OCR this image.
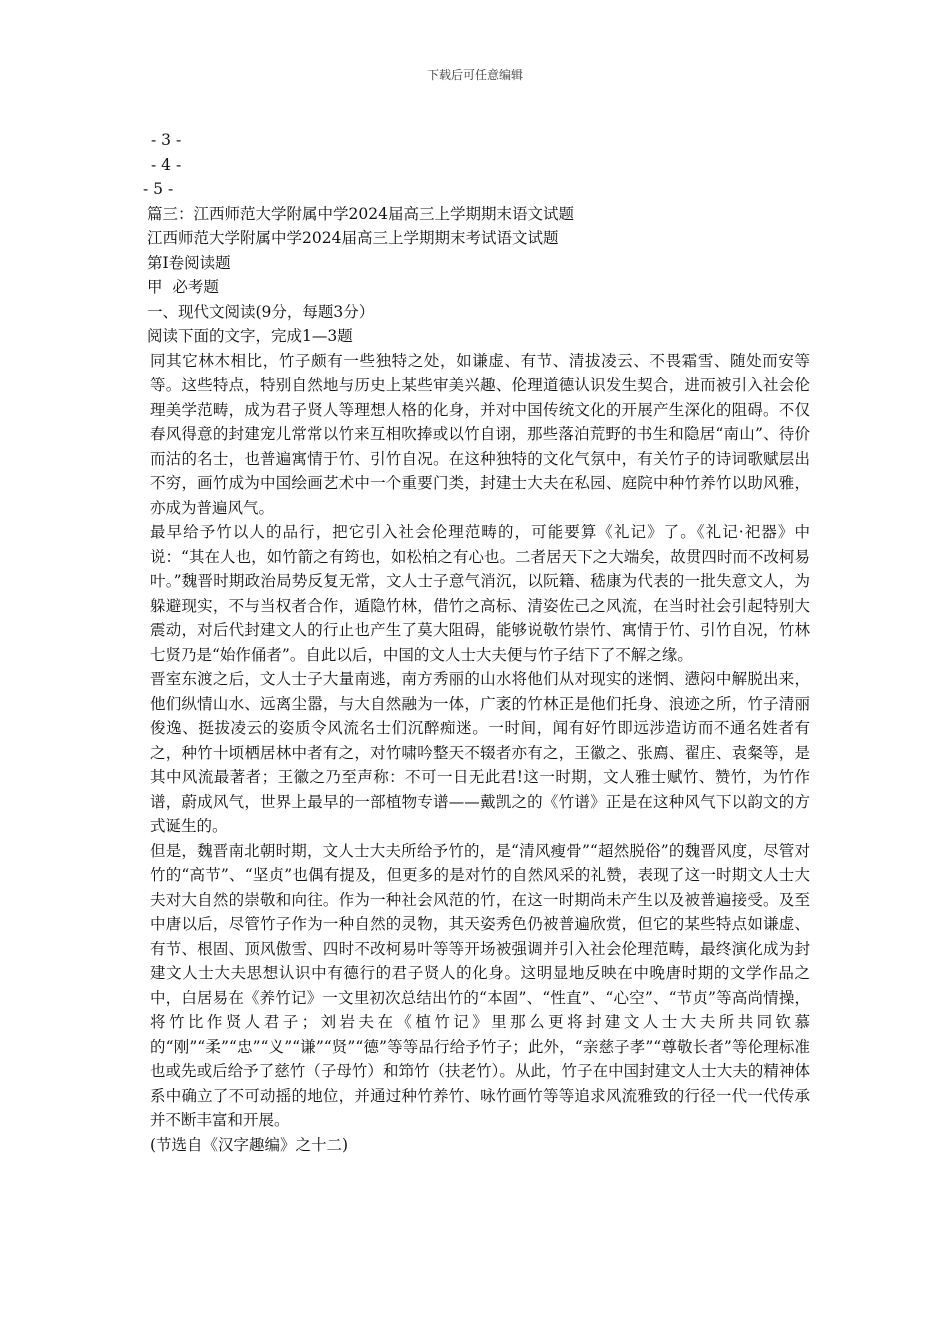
下载后可任意编辑
- 3 -
- 4 -
- 5 -
篇三：江西师范大学附属中学2024届高三上学期期末语文试题
江西师范大学附属中学2024届高三上学期期末考试语文试题
第Ⅰ卷阅读题
甲  必考题
一、现代文阅读(9分，每题3分）
阅读下面的文字，完成1—3题

同其它林木相比，竹子颇有一些独特之处，如谦虚、有节、清拔凌云、不畏霜雪、随处而安等等。这些特点，特别自然地与历史上某些审美兴趣、伦理道德认识发生契合，进而被引入社会伦理美学范畴，成为君子贤人等理想人格的化身，并对中国传统文化的开展产生深化的阻碍。不仅春风得意的封建宠儿常常以竹来互相吹捧或以竹自诩，那些落泊荒野的书生和隐居“南山”、待价而沽的名士，也普遍寓情于竹、引竹自况。在这种独特的文化气氛中，有关竹子的诗词歌赋层出不穷，画竹成为中国绘画艺术中一个重要门类，封建士大夫在私园、庭院中种竹养竹以助风雅，亦成为普遍风气。

最早给予竹以人的品行，把它引入社会伦理范畴的，可能要算《礼记》了。《礼记·祀器》中说：“其在人也，如竹箭之有筠也，如松柏之有心也。二者居天下之大端矣，故贯四时而不改柯易叶。”魏晋时期政治局势反复无常，文人士子意气消沉，以阮籍、嵇康为代表的一批失意文人，为躲避现实，不与当权者合作，遁隐竹林，借竹之高标、清姿佐己之风流，在当时社会引起特别大震动，对后代封建文人的行止也产生了莫大阻碍，能够说敬竹崇竹、寓情于竹、引竹自况，竹林七贤乃是“始作俑者”。自此以后，中国的文人士大夫便与竹子结下了不解之缘。

晋室东渡之后，文人士子大量南逃，南方秀丽的山水将他们从对现实的迷惘、懑闷中解脱出来，他们纵情山水、远离尘嚣，与大自然融为一体，广袤的竹林正是他们托身、浪迹之所，竹子清丽俊逸、挺拔凌云的姿质令风流名士们沉醉痴迷。一时间，闻有好竹即远涉造访而不通名姓者有之，种竹十顷栖居林中者有之，对竹啸吟整天不辍者亦有之，王徽之、张廌、翟庄、袁粲等，是其中风流最著者；王徽之乃至声称：不可一日无此君!这一时期，文人雅士赋竹、赞竹，为竹作谱，蔚成风气，世界上最早的一部植物专谱——戴凯之的《竹谱》正是在这种风气下以韵文的方式诞生的。

但是，魏晋南北朝时期，文人士大夫所给予竹的，是“清风瘦骨”“超然脱俗”的魏晋风度，尽管对竹的“高节”、“坚贞”也偶有提及，但更多的是对竹的自然风采的礼赞，表现了这一时期文人士大夫对大自然的崇敬和向往。作为一种社会风范的竹，在这一时期尚未产生以及被普遍接受。及至中唐以后，尽管竹子作为一种自然的灵物，其天姿秀色仍被普遍欣赏，但它的某些特点如谦虚、有节、根固、顶风傲雪、四时不改柯易叶等等开场被强调并引入社会伦理范畴，最终演化成为封建文人士大夫思想认识中有德行的君子贤人的化身。这明显地反映在中晚唐时期的文学作品之中，白居易在《养竹记》一文里初次总结出竹的“本固”、“性直”、“心空”、“节贞”等高尚情操，将竹比作贤人君子；刘岩夫在《植竹记》里那么更将封建文人士大夫所共同钦慕的“刚”“柔”“忠”“义”“谦”“贤”“德”等等品行给予竹子；此外，“亲慈子孝”“尊敬长者”等伦理标准也或先或后给予了慈竹（子母竹）和笻竹（扶老竹）。从此，竹子在中国封建文人士大夫的精神体系中确立了不可动摇的地位，并通过种竹养竹、咏竹画竹等等追求风流雅致的行径一代一代传承并不断丰富和开展。

(节选自《汉字趣编》之十二)
